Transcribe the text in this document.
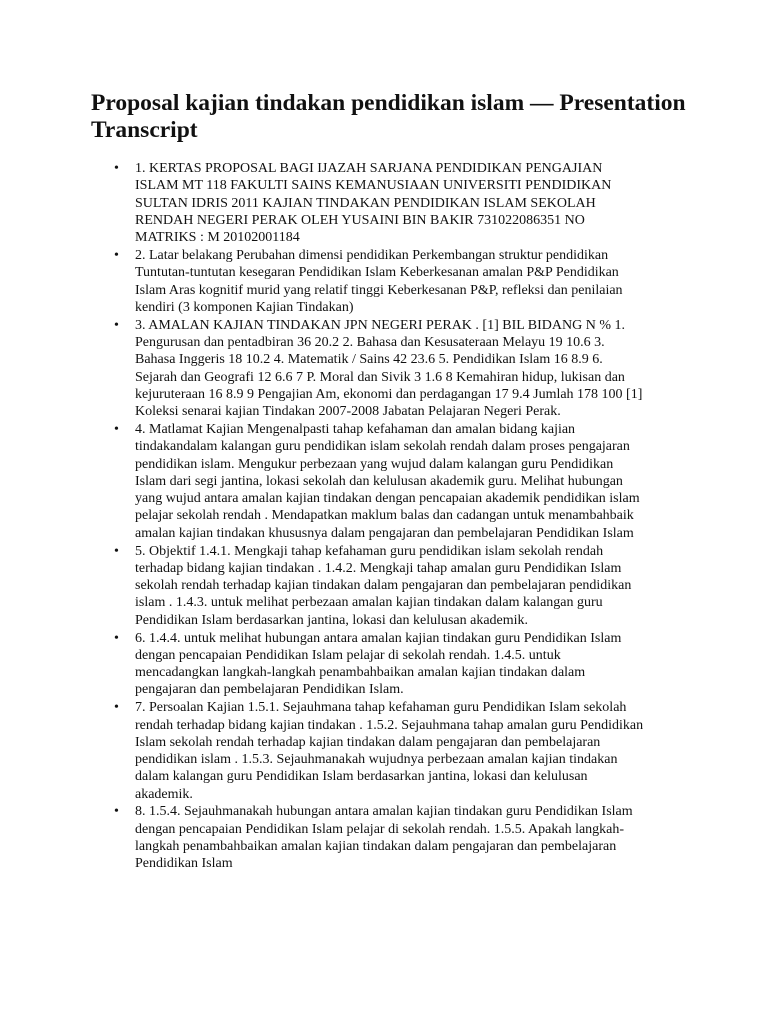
Proposal kajian tindakan pendidikan islam — Presentation Transcript
• 1. KERTAS PROPOSAL BAGI IJAZAH SARJANA PENDIDIKAN PENGAJIAN ISLAM MT 118 FAKULTI SAINS KEMANUSIAAN UNIVERSITI PENDIDIKAN SULTAN IDRIS 2011 KAJIAN TINDAKAN PENDIDIKAN ISLAM SEKOLAH RENDAH NEGERI PERAK OLEH YUSAINI BIN BAKIR 731022086351 NO MATRIKS : M 20102001184
• 2. Latar belakang Perubahan dimensi pendidikan Perkembangan struktur pendidikan Tuntutan-tuntutan kesegaran Pendidikan Islam Keberkesanan amalan P&P Pendidikan Islam Aras kognitif murid yang relatif tinggi Keberkesanan P&P, refleksi dan penilaian kendiri (3 komponen Kajian Tindakan)
• 3. AMALAN KAJIAN TINDAKAN JPN NEGERI PERAK . [1] BIL BIDANG N % 1. Pengurusan dan pentadbiran 36 20.2 2. Bahasa dan Kesusateraan Melayu 19 10.6 3. Bahasa Inggeris 18 10.2 4. Matematik / Sains 42 23.6 5. Pendidikan Islam 16 8.9 6. Sejarah dan Geografi 12 6.6 7 P. Moral dan Sivik 3 1.6 8 Kemahiran hidup, lukisan dan kejuruteraan 16 8.9 9 Pengajian Am, ekonomi dan perdagangan 17 9.4 Jumlah 178 100 [1] Koleksi senarai kajian Tindakan 2007-2008 Jabatan Pelajaran Negeri Perak.
• 4. Matlamat Kajian Mengenalpasti tahap kefahaman dan amalan bidang kajian tindakandalam kalangan guru pendidikan islam sekolah rendah dalam proses pengajaran pendidikan islam. Mengukur perbezaan yang wujud dalam kalangan guru Pendidikan Islam dari segi jantina, lokasi sekolah dan kelulusan akademik guru. Melihat hubungan yang wujud antara amalan kajian tindakan dengan pencapaian akademik pendidikan islam pelajar sekolah rendah . Mendapatkan maklum balas dan cadangan untuk menambahbaik amalan kajian tindakan khususnya dalam pengajaran dan pembelajaran Pendidikan Islam
• 5. Objektif 1.4.1. Mengkaji tahap kefahaman guru pendidikan islam sekolah rendah terhadap bidang kajian tindakan . 1.4.2. Mengkaji tahap amalan guru Pendidikan Islam sekolah rendah terhadap kajian tindakan dalam pengajaran dan pembelajaran pendidikan islam . 1.4.3. untuk melihat perbezaan amalan kajian tindakan dalam kalangan guru Pendidikan Islam berdasarkan jantina, lokasi dan kelulusan akademik.
• 6. 1.4.4. untuk melihat hubungan antara amalan kajian tindakan guru Pendidikan Islam dengan pencapaian Pendidikan Islam pelajar di sekolah rendah. 1.4.5. untuk mencadangkan langkah-langkah penambahbaikan amalan kajian tindakan dalam pengajaran dan pembelajaran Pendidikan Islam.
• 7. Persoalan Kajian 1.5.1. Sejauhmana tahap kefahaman guru Pendidikan Islam sekolah rendah terhadap bidang kajian tindakan . 1.5.2. Sejauhmana tahap amalan guru Pendidikan Islam sekolah rendah terhadap kajian tindakan dalam pengajaran dan pembelajaran pendidikan islam . 1.5.3. Sejauhmanakah wujudnya perbezaan amalan kajian tindakan dalam kalangan guru Pendidikan Islam berdasarkan jantina, lokasi dan kelulusan akademik.
• 8. 1.5.4. Sejauhmanakah hubungan antara amalan kajian tindakan guru Pendidikan Islam dengan pencapaian Pendidikan Islam pelajar di sekolah rendah. 1.5.5. Apakah langkah-langkah penambahbaikan amalan kajian tindakan dalam pengajaran dan pembelajaran Pendidikan Islam
